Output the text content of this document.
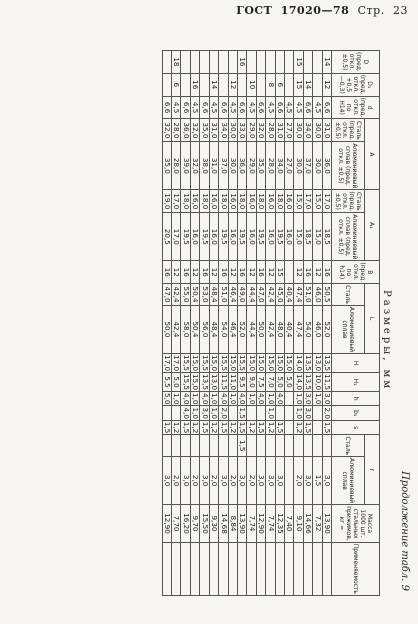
ГОСТ 17020—78 Стр. 23
Продолжение табл. 9
Размеры, мм
D (пред. откл. ±0,5)	D₁ (пред. откл. +0,5 —0,3)	d (пред. откл. по H14)	A		A₁		B (пред. откл. по h14)	L		H	H₁	h	b₁	s	r		Масса 1000 шт. стальных прижимов, кг ≈	Применяемость
			Сталь (пред. откл. ±0,5)	Алюминиевый сплав (пред. откл. ±0,5)	Сталь (пред. откл. ±0,5)	Алюминиевый сплав (пред. откл. ±0,5)		Сталь	Алюминиевый сплав						Сталь	Алюминиевый сплав		
14	12	6,6	31,0	36,0	17,0	18,5	16	50,5	52,0	13,5	11,5	3,0	2,0	1,5		3,0	13,90	
		4,5	30,0	30,0	15,0	15,0	12	46,0	46,0	13,0	10,0	1,0				1,5	7,32	
	14	6,6	34,0	37,0	17,0	18,5	16	51,0	54,0	13,5	13,5	3,0	3,0	1,5		3,0	14,66	
15	15	4,5	30,0	30,0	15,0	15,0	12	47,4	47,4	14,0	14,0	1,0	1,0	1,2		2,0	9,10	
		4,5	27,0	27,0	16,0	16,0		40,4	40,4	15,0	5,0						7,40	
	6	6,6	31,0	34,0	18,0	19,5	15	45,0	48,0	15,0	5,0	4,0		1,5		3,0	12,35	
	8	4,5	28,0	28,0	16,0	16,0	12	42,4	42,4	15,0	7,0	1,0	1,0	1,2		3,0	7,74	
		6,6	32,0	35,0	18,0	19,5	16	47,0	50,0	15,0	7,5	4,0		1,5		3,0	12,90	
	10	4,5	29,0	29,0	16,0	16,0	12	44,4	44,4	15,0	9,0	1,0		1,2		2,0	7,74	
16		6,6	33,0	36,0	18,0	19,5	16	49,0	52,0	15,5	9,5	4,0	1,5	1,5	1,5	3,0	13,90	
	12	4,5	30,0	30,0	16,0	16,0	12	46,4	46,4	15,0	11,0	1,0		1,2		2,0	8,84	
		6,6	34,0	37,0	18,0	19,5	16	51,0	54,0	15,5	11,5	4,0	2,0	1,5		3,0	14,68	
	14	4,5	31,0	31,0	16,0	16,0	12	48,4	48,4	15,0	13,0	1,0	1,0	1,2		2,0	9,30	
		6,6	35,0	38,0	18,0	19,5	16	53,0	56,0	15,5	13,5	4,0	3,0	1,5		3,0	15,50	
	16	4,5	32,0	32,0	16,0	16,0	12	50,4	50,4	15,0	15,0	1,0	1,0	1,2		2,0	9,70	
		6,6	36,0	39,0	18,0	19,5	16	55,0	58,0	15,5	15,5	4,0	4,0	1,5		3,0	16,20	
18	6	4,5	28,0	28,0	17,0	17,0	12	42,4	42,4	17,0	5,0	1,0		1,2		2,0	7,70	
		6,6	32,0	35,0	19,0	20,5	16	47,0	50,0	17,0	5,5	5,0		1,5		3,0	12,90	
